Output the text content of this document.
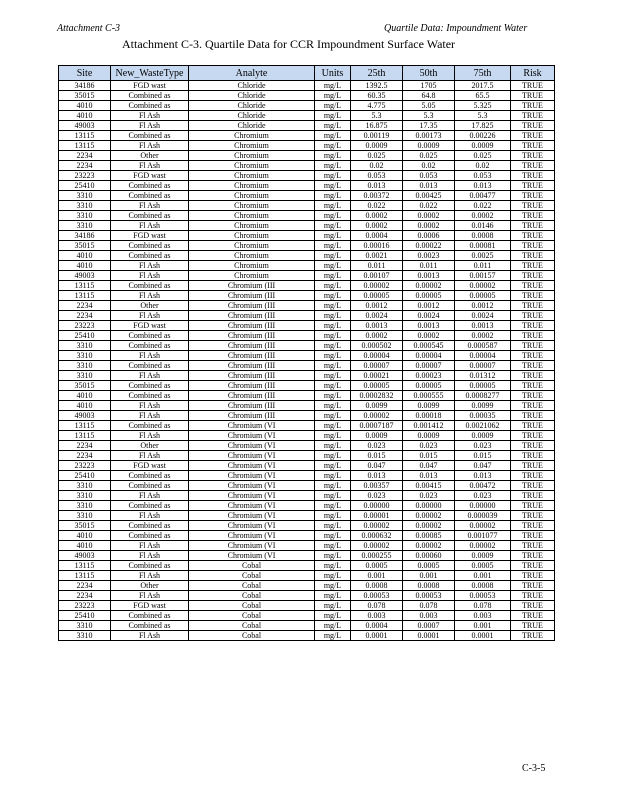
Attachment C-3	Quartile Data: Impoundment Water
Attachment C-3. Quartile Data for CCR Impoundment Surface Water
Site	New_WasteType	Analyte	Units	25th	50th	75th	Risk
34186	FGD wast	Chloride	mg/L	1392.5	1705	2017.5	TRUE
35015	Combined as	Chloride	mg/L	60.35	64.8	65.5	TRUE
4010	Combined as	Chloride	mg/L	4.775	5.05	5.325	TRUE
4010	Fl Ash	Chloride	mg/L	5.3	5.3	5.3	TRUE
49003	Fl Ash	Chloride	mg/L	16.875	17.35	17.825	TRUE
13115	Combined as	Chromium	mg/L	0.00119	0.00173	0.00226	TRUE
13115	Fl Ash	Chromium	mg/L	0.0009	0.0009	0.0009	TRUE
2234	Other	Chromium	mg/L	0.025	0.025	0.025	TRUE
2234	Fl Ash	Chromium	mg/L	0.02	0.02	0.02	TRUE
23223	FGD wast	Chromium	mg/L	0.053	0.053	0.053	TRUE
25410	Combined as	Chromium	mg/L	0.013	0.013	0.013	TRUE
3310	Combined as	Chromium	mg/L	0.00372	0.00425	0.00477	TRUE
3310	Fl Ash	Chromium	mg/L	0.022	0.022	0.022	TRUE
3310	Combined as	Chromium	mg/L	0.0002	0.0002	0.0002	TRUE
3310	Fl Ash	Chromium	mg/L	0.0002	0.0002	0.0146	TRUE
34186	FGD wast	Chromium	mg/L	0.0004	0.0006	0.0008	TRUE
35015	Combined as	Chromium	mg/L	0.00016	0.00022	0.00081	TRUE
4010	Combined as	Chromium	mg/L	0.0021	0.0023	0.0025	TRUE
4010	Fl Ash	Chromium	mg/L	0.011	0.011	0.011	TRUE
49003	Fl Ash	Chromium	mg/L	0.00107	0.0013	0.00157	TRUE
13115	Combined as	Chromium (III	mg/L	0.00002	0.00002	0.00002	TRUE
13115	Fl Ash	Chromium (III	mg/L	0.00005	0.00005	0.00005	TRUE
2234	Other	Chromium (III	mg/L	0.0012	0.0012	0.0012	TRUE
2234	Fl Ash	Chromium (III	mg/L	0.0024	0.0024	0.0024	TRUE
23223	FGD wast	Chromium (III	mg/L	0.0013	0.0013	0.0013	TRUE
25410	Combined as	Chromium (III	mg/L	0.0002	0.0002	0.0002	TRUE
3310	Combined as	Chromium (III	mg/L	0.000502	0.000545	0.000587	TRUE
3310	Fl Ash	Chromium (III	mg/L	0.00004	0.00004	0.00004	TRUE
3310	Combined as	Chromium (III	mg/L	0.00007	0.00007	0.00007	TRUE
3310	Fl Ash	Chromium (III	mg/L	0.00021	0.00023	0.01312	TRUE
35015	Combined as	Chromium (III	mg/L	0.00005	0.00005	0.00005	TRUE
4010	Combined as	Chromium (III	mg/L	0.0002832	0.000555	0.0008277	TRUE
4010	Fl Ash	Chromium (III	mg/L	0.0099	0.0099	0.0099	TRUE
49003	Fl Ash	Chromium (III	mg/L	0.00002	0.00018	0.00035	TRUE
13115	Combined as	Chromium (VI	mg/L	0.0007187	0.001412	0.0021062	TRUE
13115	Fl Ash	Chromium (VI	mg/L	0.0009	0.0009	0.0009	TRUE
2234	Other	Chromium (VI	mg/L	0.023	0.023	0.023	TRUE
2234	Fl Ash	Chromium (VI	mg/L	0.015	0.015	0.015	TRUE
23223	FGD wast	Chromium (VI	mg/L	0.047	0.047	0.047	TRUE
25410	Combined as	Chromium (VI	mg/L	0.013	0.013	0.013	TRUE
3310	Combined as	Chromium (VI	mg/L	0.00357	0.00415	0.00472	TRUE
3310	Fl Ash	Chromium (VI	mg/L	0.023	0.023	0.023	TRUE
3310	Combined as	Chromium (VI	mg/L	0.00000	0.00000	0.00000	TRUE
3310	Fl Ash	Chromium (VI	mg/L	0.00001	0.00002	0.000039	TRUE
35015	Combined as	Chromium (VI	mg/L	0.00002	0.00002	0.00002	TRUE
4010	Combined as	Chromium (VI	mg/L	0.000632	0.00085	0.001077	TRUE
4010	Fl Ash	Chromium (VI	mg/L	0.00002	0.00002	0.00002	TRUE
49003	Fl Ash	Chromium (VI	mg/L	0.000255	0.00060	0.0009	TRUE
13115	Combined as	Cobal	mg/L	0.0005	0.0005	0.0005	TRUE
13115	Fl Ash	Cobal	mg/L	0.001	0.001	0.001	TRUE
2234	Other	Cobal	mg/L	0.0008	0.0008	0.0008	TRUE
2234	Fl Ash	Cobal	mg/L	0.00053	0.00053	0.00053	TRUE
23223	FGD wast	Cobal	mg/L	0.078	0.078	0.078	TRUE
25410	Combined as	Cobal	mg/L	0.003	0.003	0.003	TRUE
3310	Combined as	Cobal	mg/L	0.0004	0.0007	0.001	TRUE
3310	Fl Ash	Cobal	mg/L	0.0001	0.0001	0.0001	TRUE
C-3-5
